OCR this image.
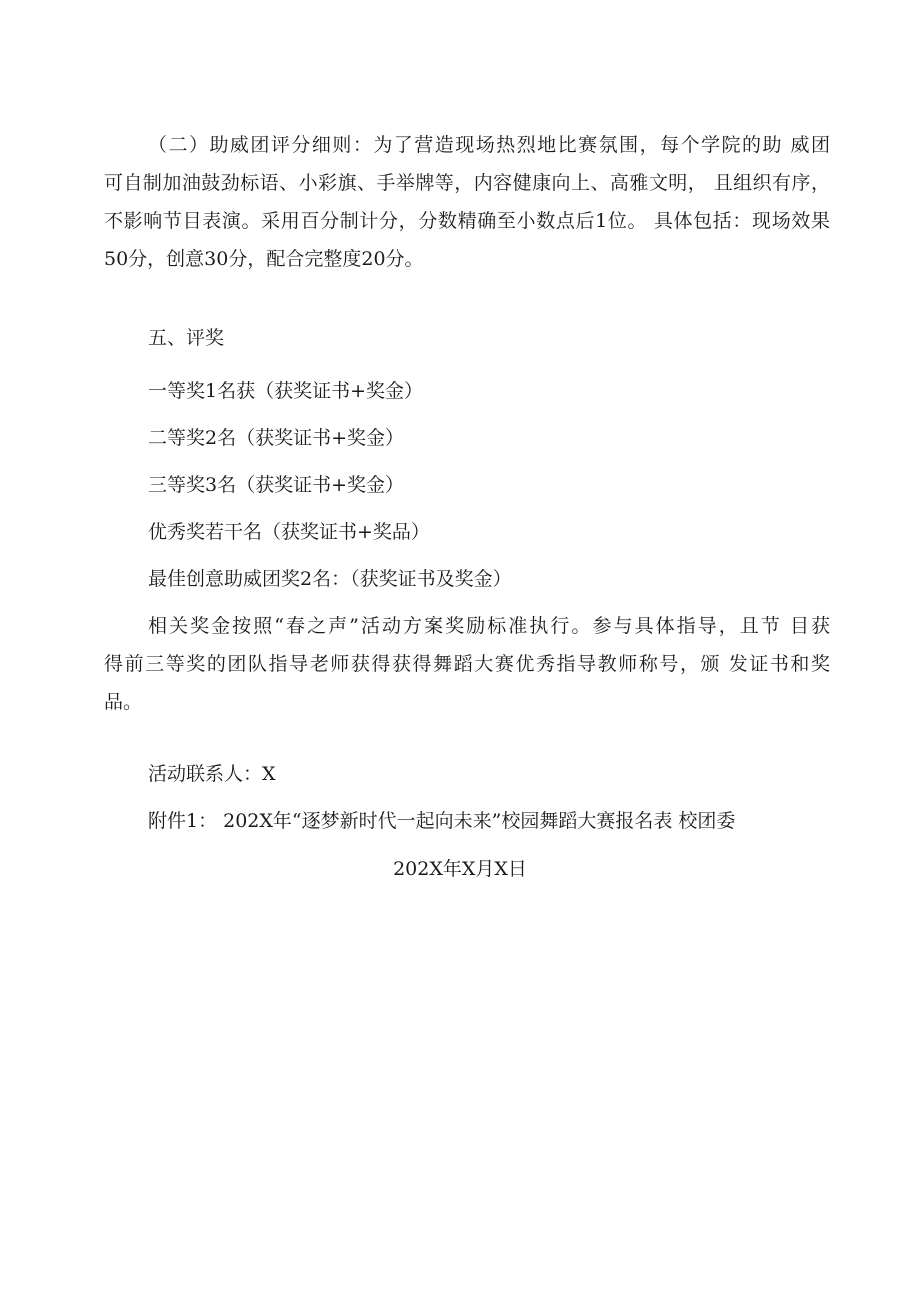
（二）助威团评分细则：为了营造现场热烈地比赛氛围，每个学院的助 威团
可自制加油鼓劲标语、小彩旗、手举牌等，内容健康向上、高雅文明， 且组织有序，
不影响节目表演。采用百分制计分，分数精确至小数点后1位。 具体包括：现场效果
50分，创意30分，配合完整度20分。
五、评奖
一等奖1名获（获奖证书+奖金）
二等奖2名（获奖证书+奖金）
三等奖3名（获奖证书+奖金）
优秀奖若干名（获奖证书+奖品）
最佳创意助威团奖2名：（获奖证书及奖金）
相关奖金按照“春之声”活动方案奖励标准执行。参与具体指导，且节 目获
得前三等奖的团队指导老师获得获得舞蹈大赛优秀指导教师称号，颁 发证书和奖
品。
活动联系人：X
附件1： 202X年“逐梦新时代一起向未来”校园舞蹈大赛报名表 校团委
202X年X月X日
